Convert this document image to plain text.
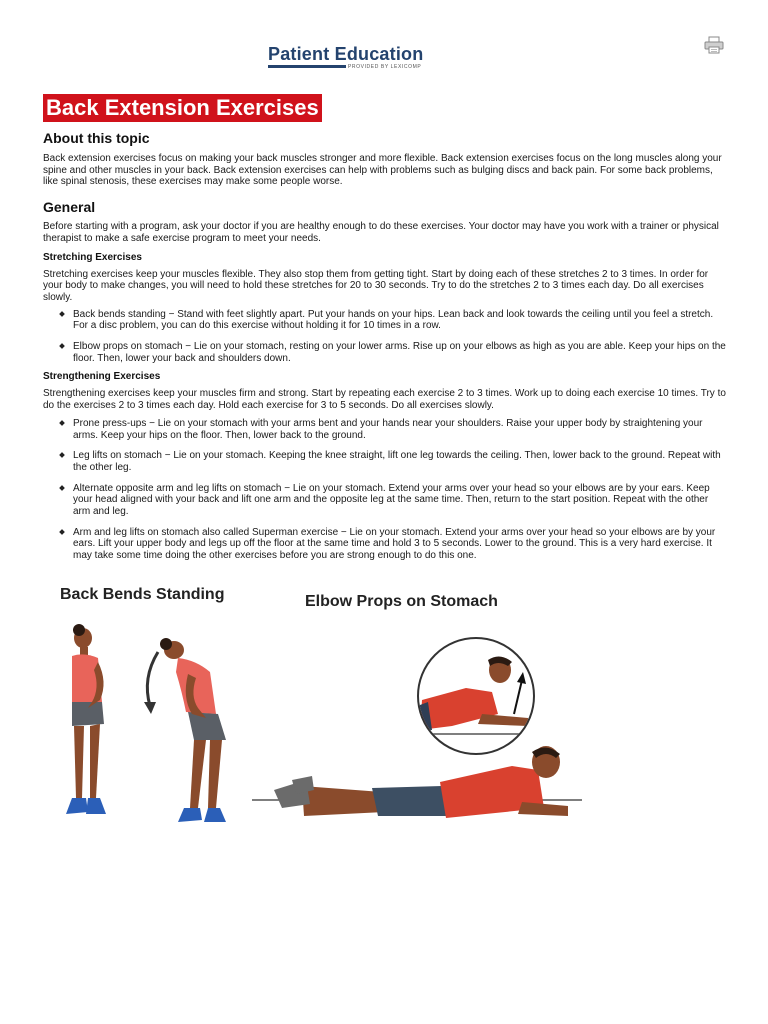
Patient Education
PROVIDED BY LEXICOMP
Back Extension Exercises
About this topic

Back extension exercises focus on making your back muscles stronger and more flexible. Back extension exercises focus on the long muscles along your spine and other muscles in your back. Back extension exercises can help with problems such as bulging discs and back pain. For some back problems, like spinal stenosis, these exercises may make some people worse.

General

Before starting with a program, ask your doctor if you are healthy enough to do these exercises. Your doctor may have you work with a trainer or physical therapist to make a safe exercise program to meet your needs.

Stretching Exercises

Stretching exercises keep your muscles flexible. They also stop them from getting tight. Start by doing each of these stretches 2 to 3 times. In order for your body to make changes, you will need to hold these stretches for 20 to 30 seconds. Try to do the stretches 2 to 3 times each day. Do all exercises slowly.

Back bends standing − Stand with feet slightly apart. Put your hands on your hips. Lean back and look towards the ceiling until you feel a stretch. For a disc problem, you can do this exercise without holding it for 10 times in a row.
Elbow props on stomach − Lie on your stomach, resting on your lower arms. Rise up on your elbows as high as you are able. Keep your hips on the floor. Then, lower your back and shoulders down.
Strengthening Exercises

Strengthening exercises keep your muscles firm and strong. Start by repeating each exercise 2 to 3 times. Work up to doing each exercise 10 times. Try to do the exercises 2 to 3 times each day. Hold each exercise for 3 to 5 seconds. Do all exercises slowly.

Prone press-ups − Lie on your stomach with your arms bent and your hands near your shoulders. Raise your upper body by straightening your arms. Keep your hips on the floor. Then, lower back to the ground.
Leg lifts on stomach − Lie on your stomach. Keeping the knee straight, lift one leg towards the ceiling. Then, lower back to the ground. Repeat with the other leg.
Alternate opposite arm and leg lifts on stomach − Lie on your stomach. Extend your arms over your head so your elbows are by your ears. Keep your head aligned with your back and lift one arm and the opposite leg at the same time. Then, return to the start position. Repeat with the other arm and leg.
Arm and leg lifts on stomach also called Superman exercise − Lie on your stomach. Extend your arms over your head so your elbows are by your ears. Lift your upper body and legs up off the floor at the same time and hold 3 to 5 seconds. Lower to the ground. This is a very hard exercise. It may take some time doing the other exercises before you are strong enough to do this one.
Back Bends Standing	Elbow Props on Stomach
